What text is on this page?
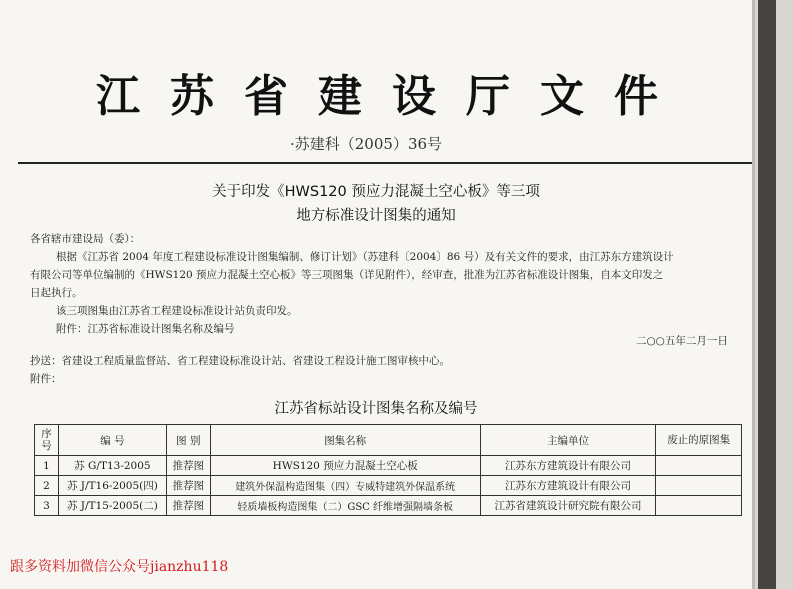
江苏省建设厅文件
·苏建科（2005）36号
关于印发《HWS120 预应力混凝土空心板》等三项
地方标准设计图集的通知
各省辖市建设局（委）：
根据《江苏省 2004 年度工程建设标准设计图集编制、修订计划》（苏建科〔2004〕86 号）及有关文件的要求，由江苏东方建筑设计
有限公司等单位编制的《HWS120 预应力混凝土空心板》等三项图集（详见附件），经审查，批准为江苏省标准设计图集，自本文印发之
日起执行。
该三项图集由江苏省工程建设标准设计站负责印发。
附件：江苏省标准设计图集名称及编号
二○○五年二月一日
抄送：省建设工程质量监督站、省工程建设标准设计站、省建设工程设计施工图审核中心。
附件：
江苏省标站设计图集名称及编号
序号	编 号	图 别	图集名称	主编单位	废止的原图集
1	苏 G/T13-2005	推荐图	HWS120 预应力混凝土空心板	江苏东方建筑设计有限公司	
2	苏 J/T16-2005(四)	推荐图	建筑外保温构造图集（四）专威特建筑外保温系统	江苏东方建筑设计有限公司	
3	苏 J/T15-2005(二)	推荐图	轻质墙板构造图集（二）GSC 纤维增强隔墙条板	江苏省建筑设计研究院有限公司	
跟多资料加微信公众号jianzhu118
